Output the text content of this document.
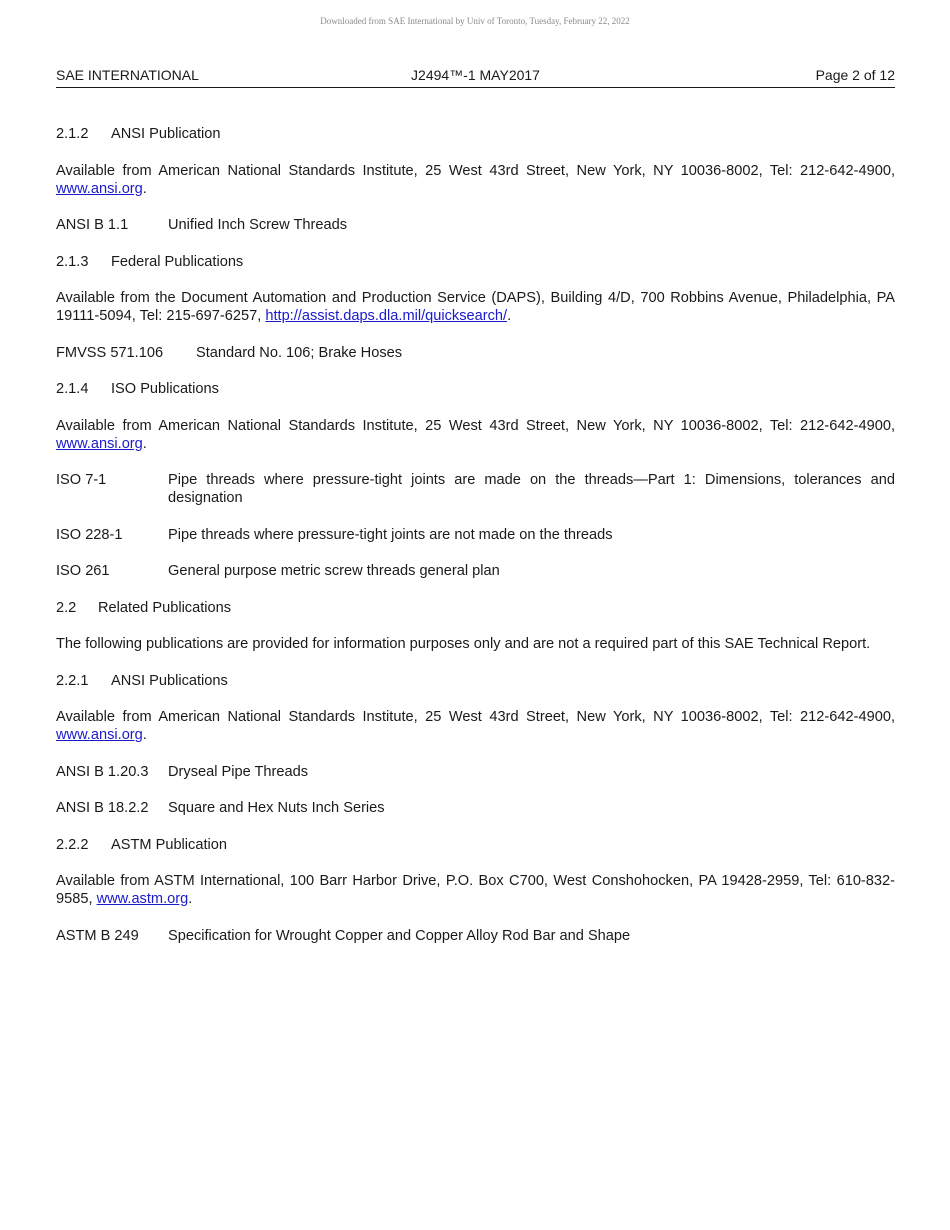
Downloaded from SAE International by Univ of Toronto, Tuesday, February 22, 2022
SAE INTERNATIONAL	J2494™-1 MAY2017	Page 2 of 12
2.1.2 ANSI Publication
Available from American National Standards Institute, 25 West 43rd Street, New York, NY 10036-8002, Tel: 212-642-4900, www.ansi.org.
ANSI B 1.1	Unified Inch Screw Threads
2.1.3 Federal Publications
Available from the Document Automation and Production Service (DAPS), Building 4/D, 700 Robbins Avenue, Philadelphia, PA 19111-5094, Tel: 215-697-6257, http://assist.daps.dla.mil/quicksearch/.
FMVSS 571.106	Standard No. 106; Brake Hoses
2.1.4 ISO Publications
Available from American National Standards Institute, 25 West 43rd Street, New York, NY 10036-8002, Tel: 212-642-4900, www.ansi.org.
ISO 7-1	Pipe threads where pressure-tight joints are made on the threads—Part 1: Dimensions, tolerances and designation
ISO 228-1	Pipe threads where pressure-tight joints are not made on the threads
ISO 261	General purpose metric screw threads general plan
2.2 Related Publications
The following publications are provided for information purposes only and are not a required part of this SAE Technical Report.
2.2.1 ANSI Publications
Available from American National Standards Institute, 25 West 43rd Street, New York, NY 10036-8002, Tel: 212-642-4900, www.ansi.org.
ANSI B 1.20.3	Dryseal Pipe Threads
ANSI B 18.2.2	Square and Hex Nuts Inch Series
2.2.2 ASTM Publication
Available from ASTM International, 100 Barr Harbor Drive, P.O. Box C700, West Conshohocken, PA 19428-2959, Tel: 610-832-9585, www.astm.org.
ASTM B 249	Specification for Wrought Copper and Copper Alloy Rod Bar and Shape
